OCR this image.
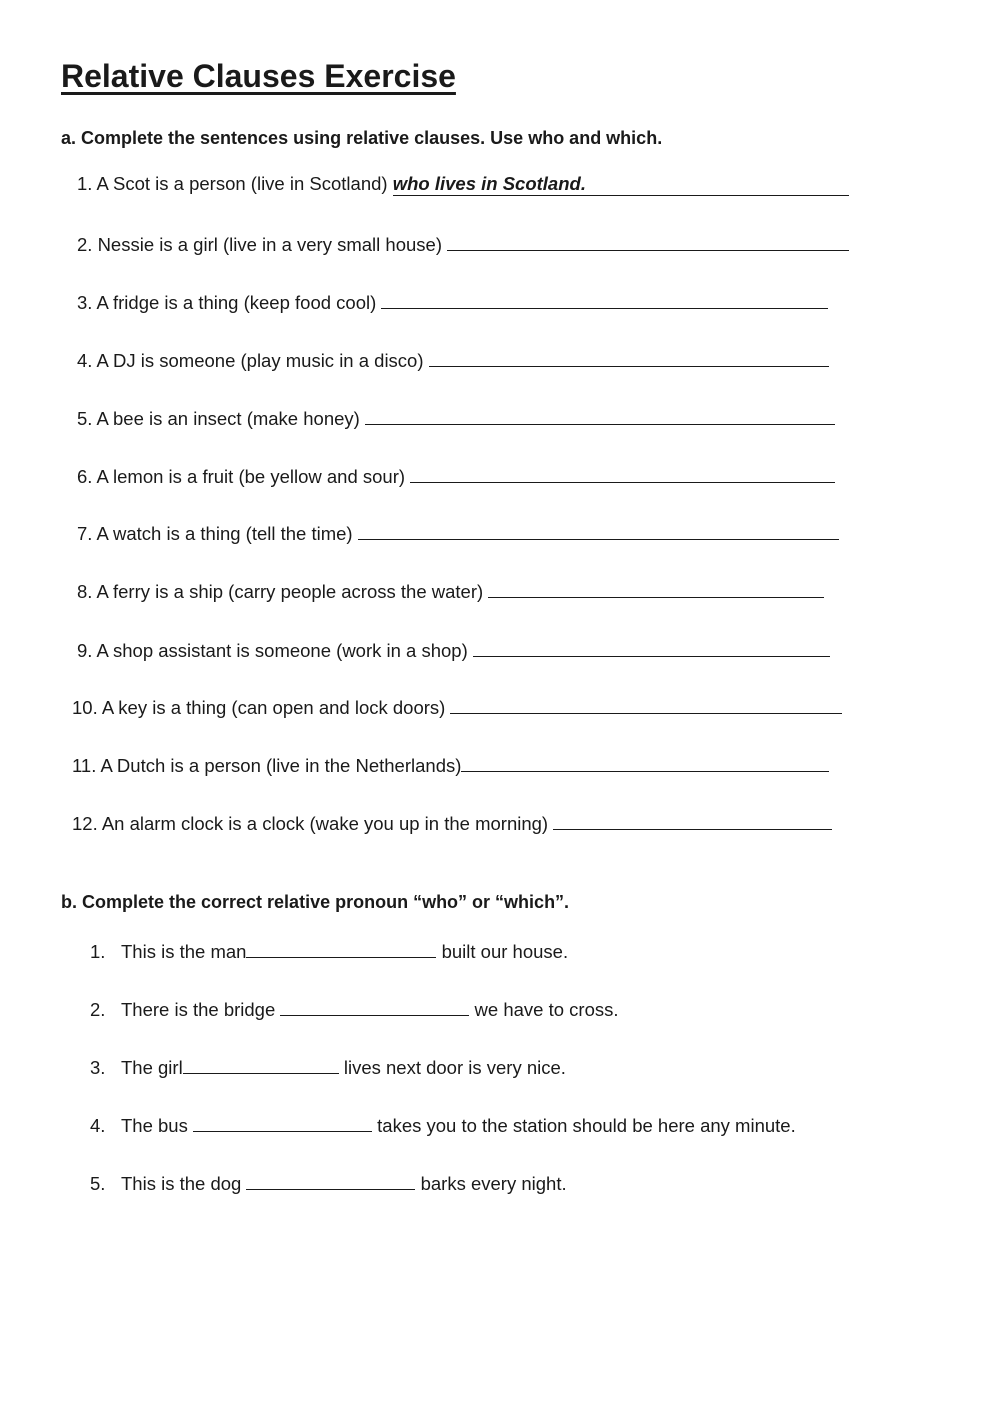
Relative Clauses Exercise

a. Complete the sentences using relative clauses. Use who and which.

1. A Scot is a person (live in Scotland) who lives in Scotland.
2. Nessie is a girl (live in a very small house)
3. A fridge is a thing (keep food cool)
4. A DJ is someone (play music in a disco)
5. A bee is an insect (make honey)
6. A lemon is a fruit (be yellow and sour)
7. A watch is a thing (tell the time)
8. A ferry is a ship (carry people across the water)
9. A shop assistant is someone (work in a shop)
10. A key is a thing (can open and lock doors)
11. A Dutch is a person (live in the Netherlands)
12. An alarm clock is a clock (wake you up in the morning)

b. Complete the correct relative pronoun “who” or “which”.

1. This is the man	built our house.
2. There is the bridge	we have to cross.
3. The girl	lives next door is very nice.
4. The bus	takes you to the station should be here any minute.
5. This is the dog	barks every night.
